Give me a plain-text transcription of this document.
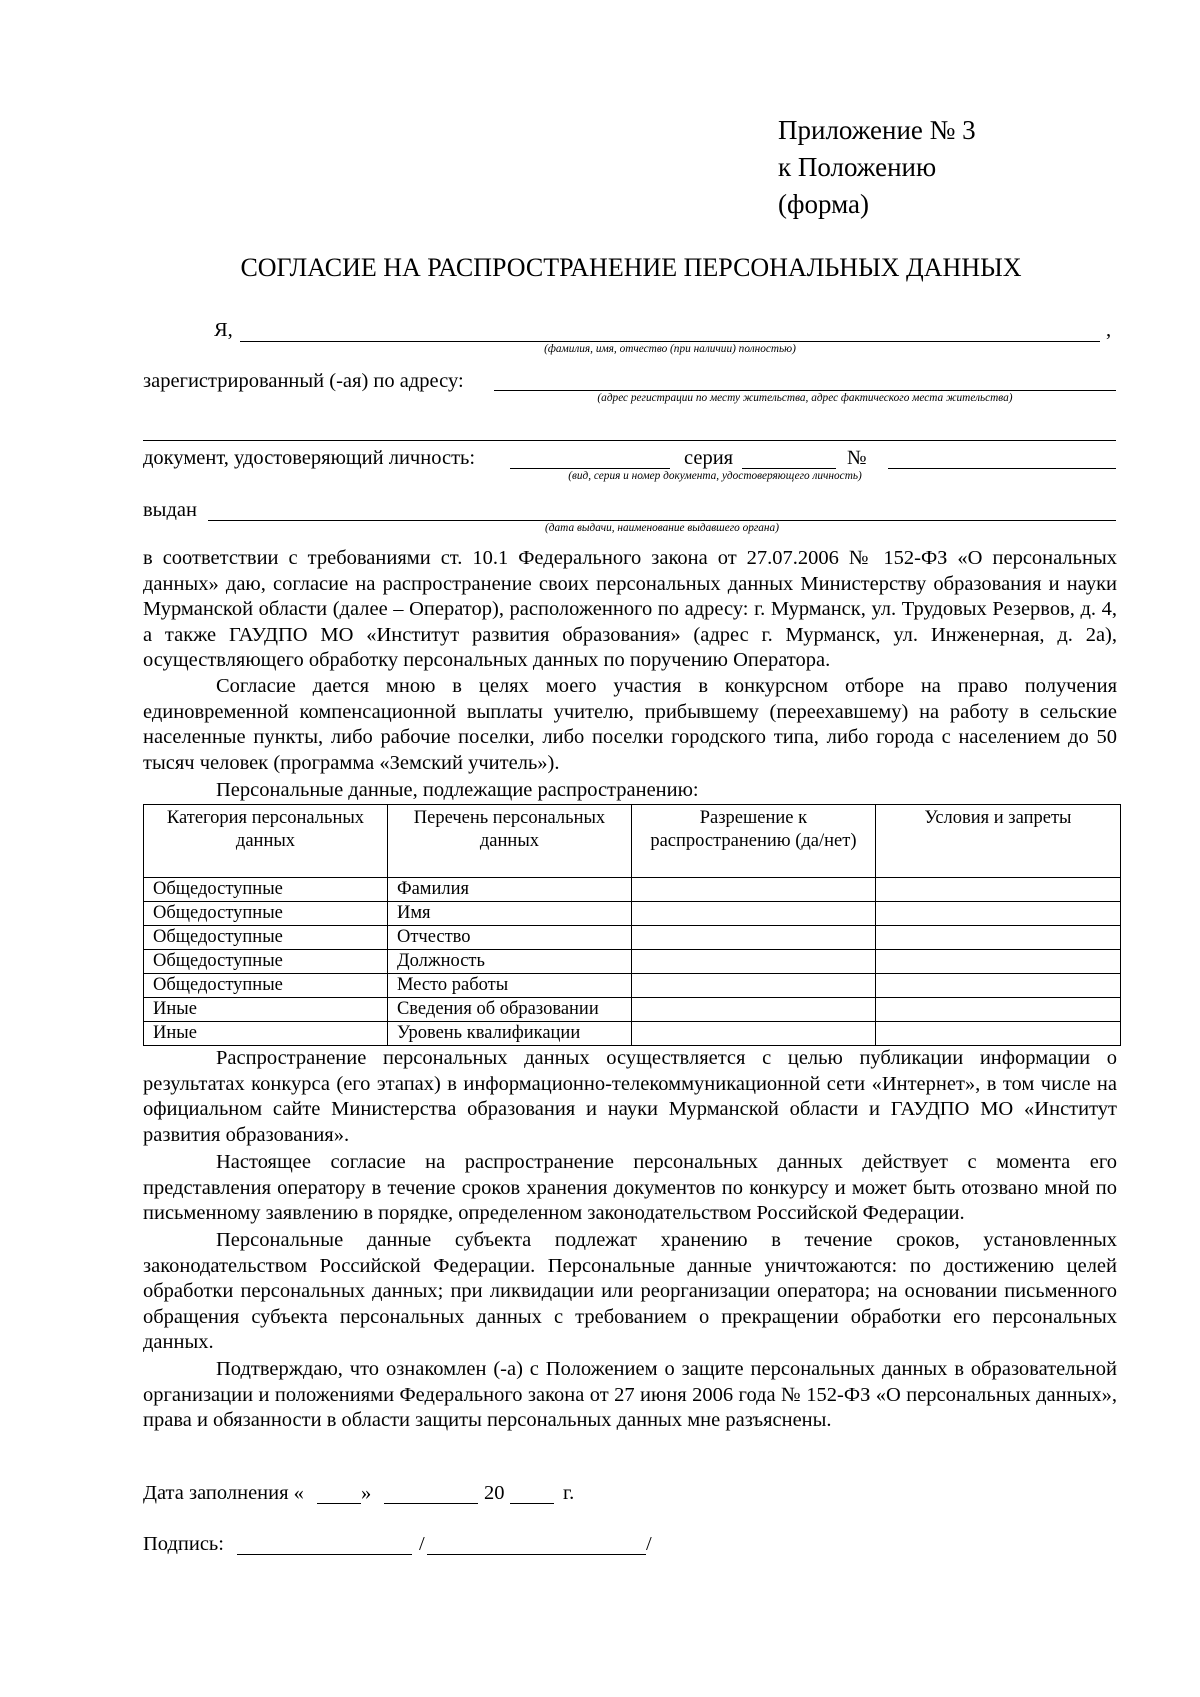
Приложение № 3
к Положению
(форма)
СОГЛАСИЕ НА РАСПРОСТРАНЕНИЕ ПЕРСОНАЛЬНЫХ ДАННЫХ
Я,	,
(фамилия, имя, отчество (при наличии) полностью)
зарегистрированный (-ая) по адресу:
(адрес регистрации по месту жительства, адрес фактического места жительства)
документ, удостоверяющий личность:	серия	№
(вид, серия и номер документа, удостоверяющего личность)
выдан
(дата выдачи, наименование выдавшего органа)

в соответствии с требованиями ст. 10.1 Федерального закона от 27.07.2006 № 152-ФЗ «О персональных данных» даю, согласие на распространение своих персональных данных Министерству образования и науки Мурманской области (далее – Оператор), расположенного по адресу: г. Мурманск, ул. Трудовых Резервов, д. 4, а также ГАУДПО МО «Институт развития образования» (адрес г. Мурманск, ул. Инженерная, д. 2а), осуществляющего обработку персональных данных по поручению Оператора.

Согласие дается мною в целях моего участия в конкурсном отборе на право получения единовременной компенсационной выплаты учителю, прибывшему (переехавшему) на работу в сельские населенные пункты, либо рабочие поселки, либо поселки городского типа, либо города с населением до 50 тысяч человек (программа «Земский учитель»).

Персональные данные, подлежащие распространению:

Категория персональных данных	Перечень персональных данных	Разрешение к распространению (да/нет)	Условия и запреты
Общедоступные	Фамилия		
Общедоступные	Имя		
Общедоступные	Отчество		
Общедоступные	Должность		
Общедоступные	Место работы		
Иные	Сведения об образовании		
Иные	Уровень квалификации		

Распространение персональных данных осуществляется с целью публикации информации о результатах конкурса (его этапах) в информационно-телекоммуникационной сети «Интернет», в том числе на официальном сайте Министерства образования и науки Мурманской области и ГАУДПО МО «Институт развития образования».

Настоящее согласие на распространение персональных данных действует с момента его представления оператору в течение сроков хранения документов по конкурсу и может быть отозвано мной по письменному заявлению в порядке, определенном законодательством Российской Федерации.

Персональные данные субъекта подлежат хранению в течение сроков, установленных законодательством Российской Федерации. Персональные данные уничтожаются: по достижению целей обработки персональных данных; при ликвидации или реорганизации оператора; на основании письменного обращения субъекта персональных данных с требованием о прекращении обработки его персональных данных.

Подтверждаю, что ознакомлен (-а) с Положением о защите персональных данных в образовательной организации и положениями Федерального закона от 27 июня 2006 года № 152-ФЗ «О персональных данных», права и обязанности в области защиты персональных данных мне разъяснены.

Дата заполнения «	»	20	г.
Подпись:	/	/
